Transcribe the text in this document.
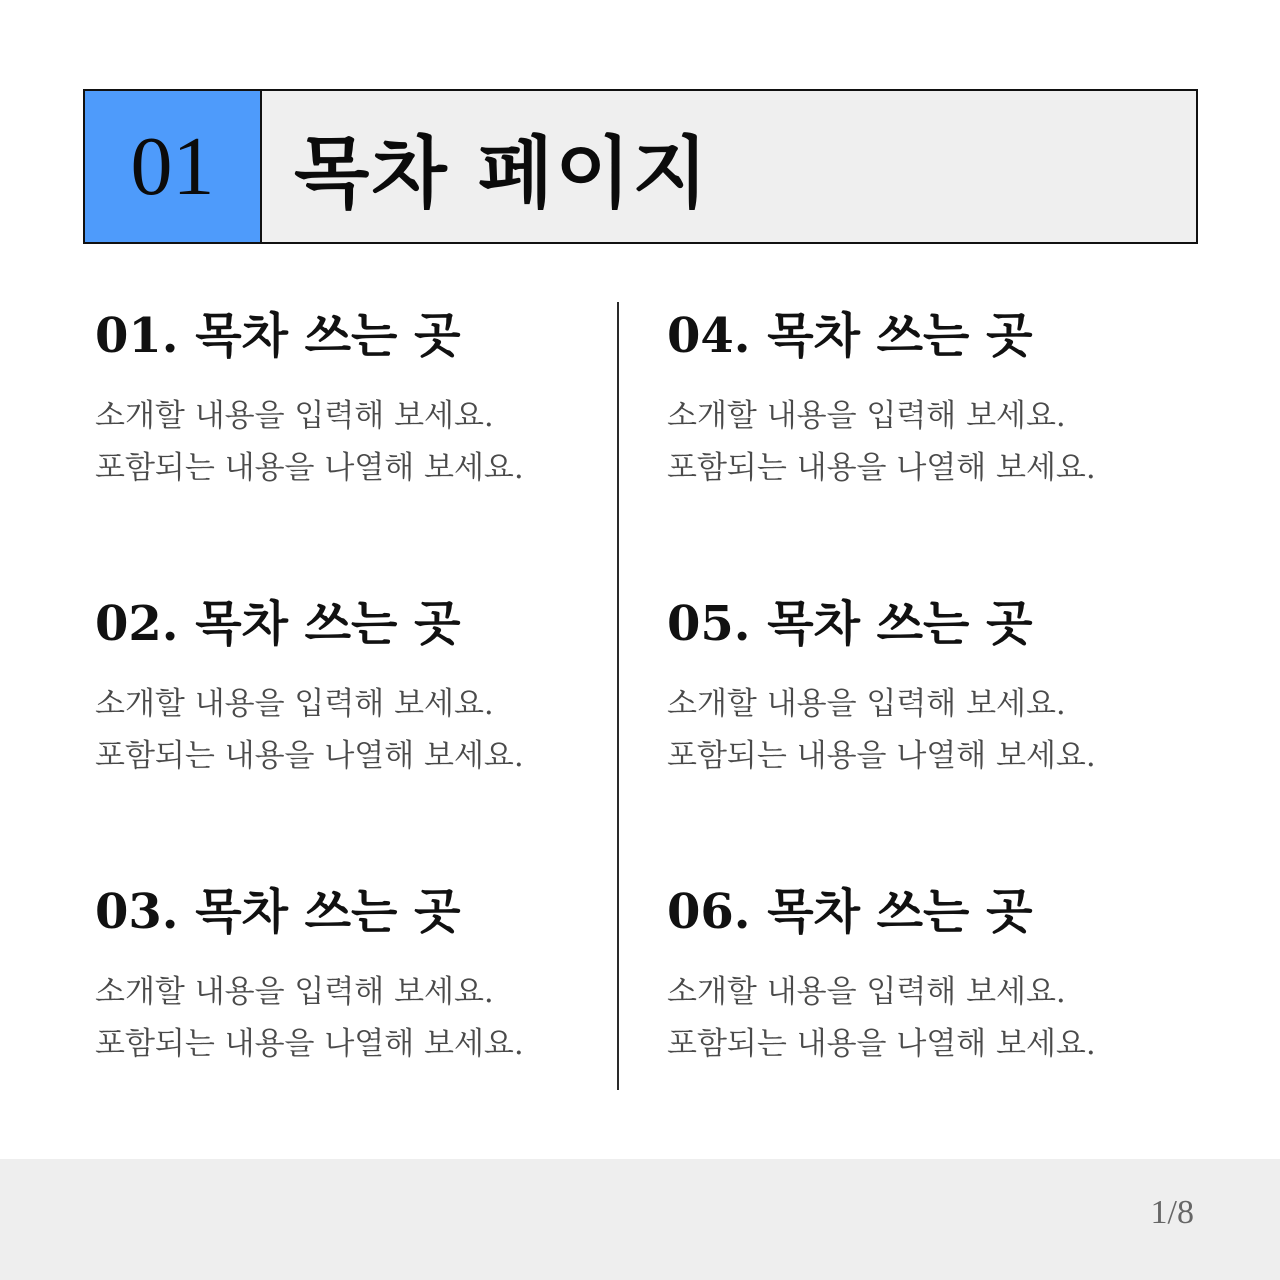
01	목차 페이지
01. 목차 쓰는 곳
소개할 내용을 입력해 보세요.
포함되는 내용을 나열해 보세요.
02. 목차 쓰는 곳
소개할 내용을 입력해 보세요.
포함되는 내용을 나열해 보세요.
03. 목차 쓰는 곳
소개할 내용을 입력해 보세요.
포함되는 내용을 나열해 보세요.
04. 목차 쓰는 곳
소개할 내용을 입력해 보세요.
포함되는 내용을 나열해 보세요.
05. 목차 쓰는 곳
소개할 내용을 입력해 보세요.
포함되는 내용을 나열해 보세요.
06. 목차 쓰는 곳
소개할 내용을 입력해 보세요.
포함되는 내용을 나열해 보세요.
1/8
